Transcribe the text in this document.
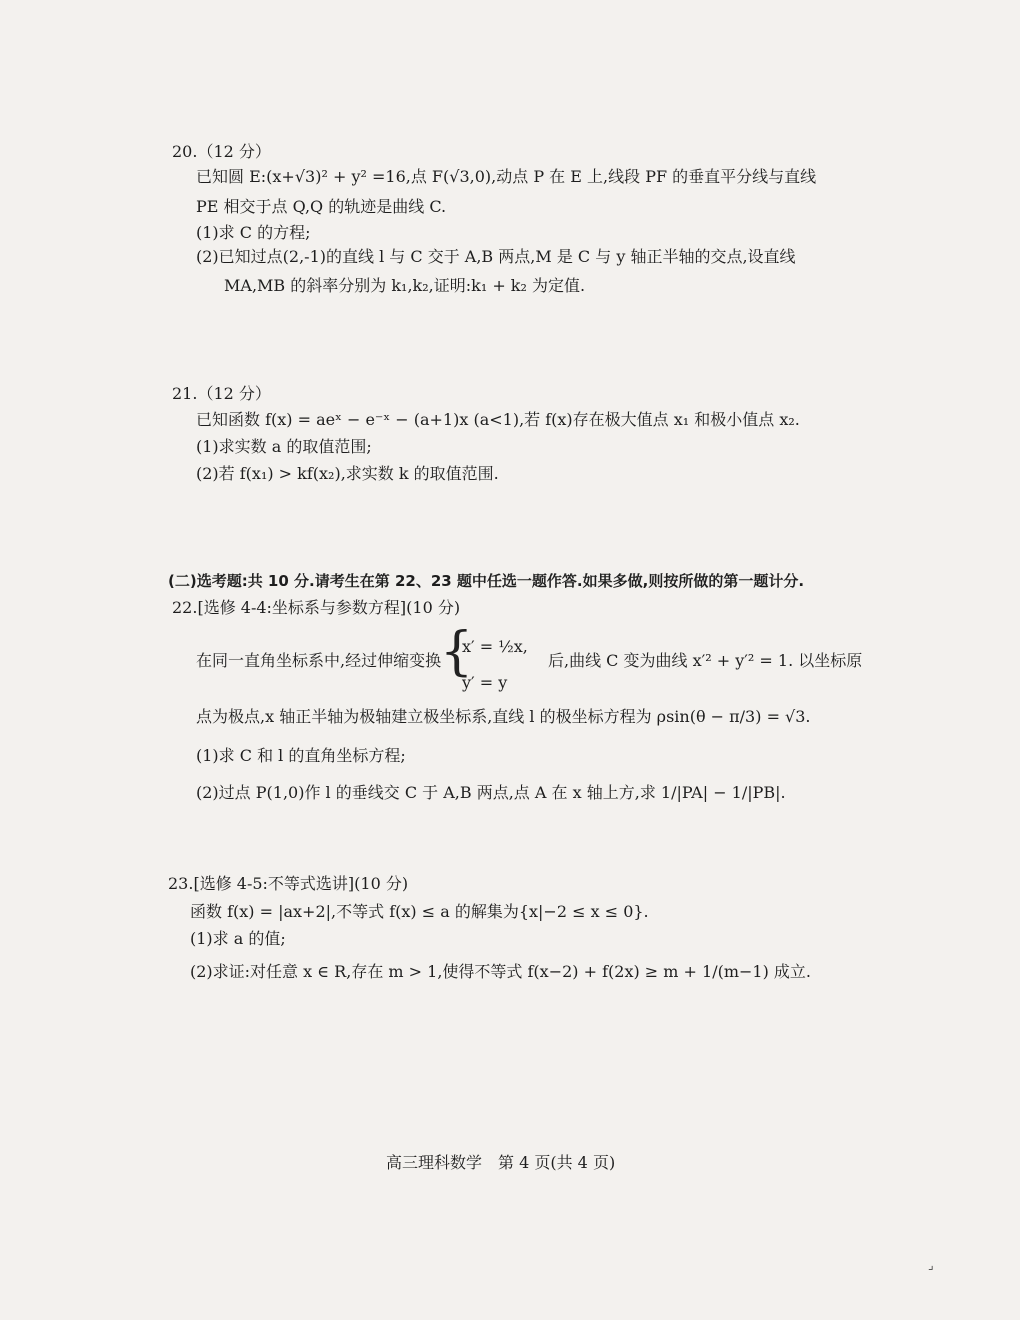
20.（12 分）
已知圆 E:(x+√3)² + y² =16,点 F(√3,0),动点 P 在 E 上,线段 PF 的垂直平分线与直线
PE 相交于点 Q,Q 的轨迹是曲线 C.
(1)求 C 的方程;
(2)已知过点(2,-1)的直线 l 与 C 交于 A,B 两点,M 是 C 与 y 轴正半轴的交点,设直线
MA,MB 的斜率分别为 k₁,k₂,证明:k₁ + k₂ 为定值.
21.（12 分）
已知函数 f(x) = aeˣ − e⁻ˣ − (a+1)x (a<1),若 f(x)存在极大值点 x₁ 和极小值点 x₂.
(1)求实数 a 的取值范围;
(2)若 f(x₁) > kf(x₂),求实数 k 的取值范围.
(二)选考题:共 10 分.请考生在第 22、23 题中任选一题作答.如果多做,则按所做的第一题计分.
22.[选修 4-4:坐标系与参数方程](10 分)
在同一直角坐标系中,经过伸缩变换
{
x′ = ½x,
y′ = y
后,曲线 C 变为曲线 x′² + y′² = 1. 以坐标原
点为极点,x 轴正半轴为极轴建立极坐标系,直线 l 的极坐标方程为 ρsin(θ − π/3) = √3.
(1)求 C 和 l 的直角坐标方程;
(2)过点 P(1,0)作 l 的垂线交 C 于 A,B 两点,点 A 在 x 轴上方,求 1/|PA| − 1/|PB|.
23.[选修 4-5:不等式选讲](10 分)
函数 f(x) = |ax+2|,不等式 f(x) ≤ a 的解集为{x|−2 ≤ x ≤ 0}.
(1)求 a 的值;
(2)求证:对任意 x ∈ R,存在 m > 1,使得不等式 f(x−2) + f(2x) ≥ m + 1/(m−1) 成立.
高三理科数学　第 4 页(共 4 页)
⌟
